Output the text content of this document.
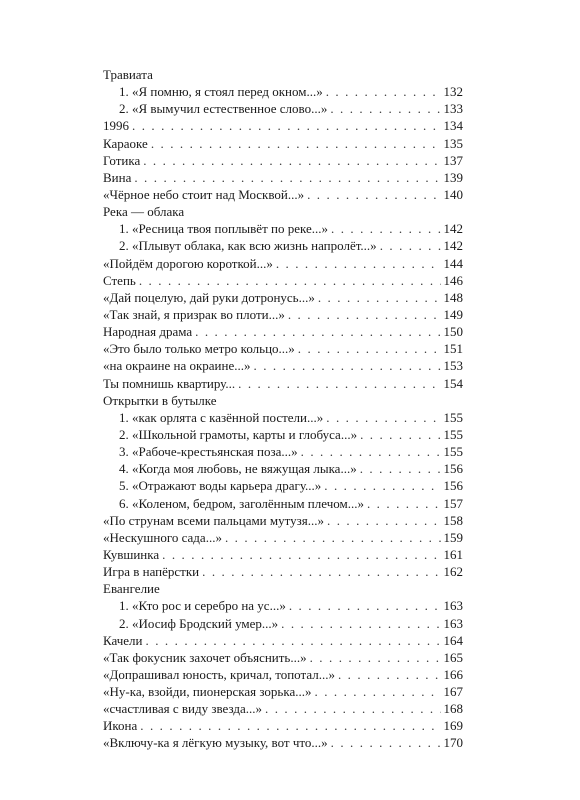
Травиата
1. «Я помню, я стоял перед окном...» . . .	132
2. «Я вымучил естественное слово...» . . .	133
1996 . . .	134
Караоке . . .	135
Готика . . .	137
Вина . . .	139
«Чёрное небо стоит над Москвой...» . . .	140
Река — облака
1. «Ресница твоя поплывёт по реке...» . . .	142
2. «Плывут облака, как всю жизнь напролёт...» . . .	142
«Пойдём дорогою короткой...» . . .	144
Степь . . .	146
«Дай поцелую, дай руки дотронусь...» . . .	148
«Так знай, я призрак во плоти...» . . .	149
Народная драма . . .	150
«Это было только метро кольцо...» . . .	151
«на окраине на окраине...» . . .	153
Ты помнишь квартиру... . . .	154
Открытки в бутылке
1. «как орлята с казённой постели...» . . .	155
2. «Школьной грамоты, карты и глобуса...» . . .	155
3. «Рабоче-крестьянская поза...» . . .	155
4. «Когда моя любовь, не вяжущая лыка...» . . .	156
5. «Отражают воды карьера драгу...» . . .	156
6. «Коленом, бедром, заголённым плечом...» . . .	157
«По струнам всеми пальцами мутузя...» . . .	158
«Нескушного сада...» . . .	159
Кувшинка . . .	161
Игра в напёрстки . . .	162
Евангелие
1. «Кто рос и серебро на ус...» . . .	163
2. «Иосиф Бродский умер...» . . .	163
Качели . . .	164
«Так фокусник захочет объяснить...» . . .	165
«Допрашивал юность, кричал, топотал...» . . .	166
«Ну-ка, взойди, пионерская зорька...» . . .	167
«счастливая с виду звезда...» . . .	168
Икона . . .	169
«Включу-ка я лёгкую музыку, вот что...» . . .	170
